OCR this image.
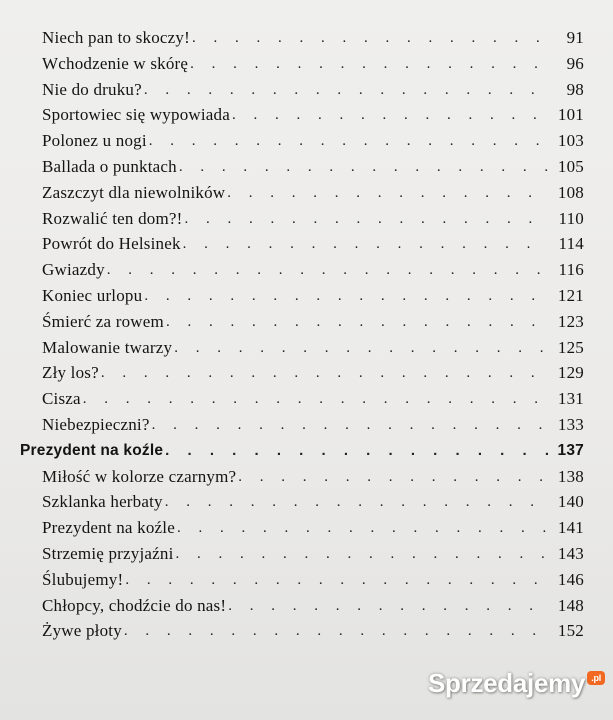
Niech pan to skoczy! . . .	91
Wchodzenie w skórę . . .	96
Nie do druku? . . .	98
Sportowiec się wypowiada . . .	101
Polonez u nogi . . .	103
Ballada o punktach . . .	105
Zaszczyt dla niewolników . . .	108
Rozwalić ten dom?! . . .	110
Powrót do Helsinek . . .	114
Gwiazdy . . .	116
Koniec urlopu . . .	121
Śmierć za rowem . . .	123
Malowanie twarzy . . .	125
Zły los? . . .	129
Cisza . . .	131
Niebezpieczni? . . .	133
Prezydent na koźle . . .	137
Miłość w kolorze czarnym? . . .	138
Szklanka herbaty . . .	140
Prezydent na koźle . . .	141
Strzemię przyjaźni . . .	143
Ślubujemy! . . .	146
Chłopcy, chodźcie do nas! . . .	148
Żywe płoty . . .	152
Sprzedajemy .pl
